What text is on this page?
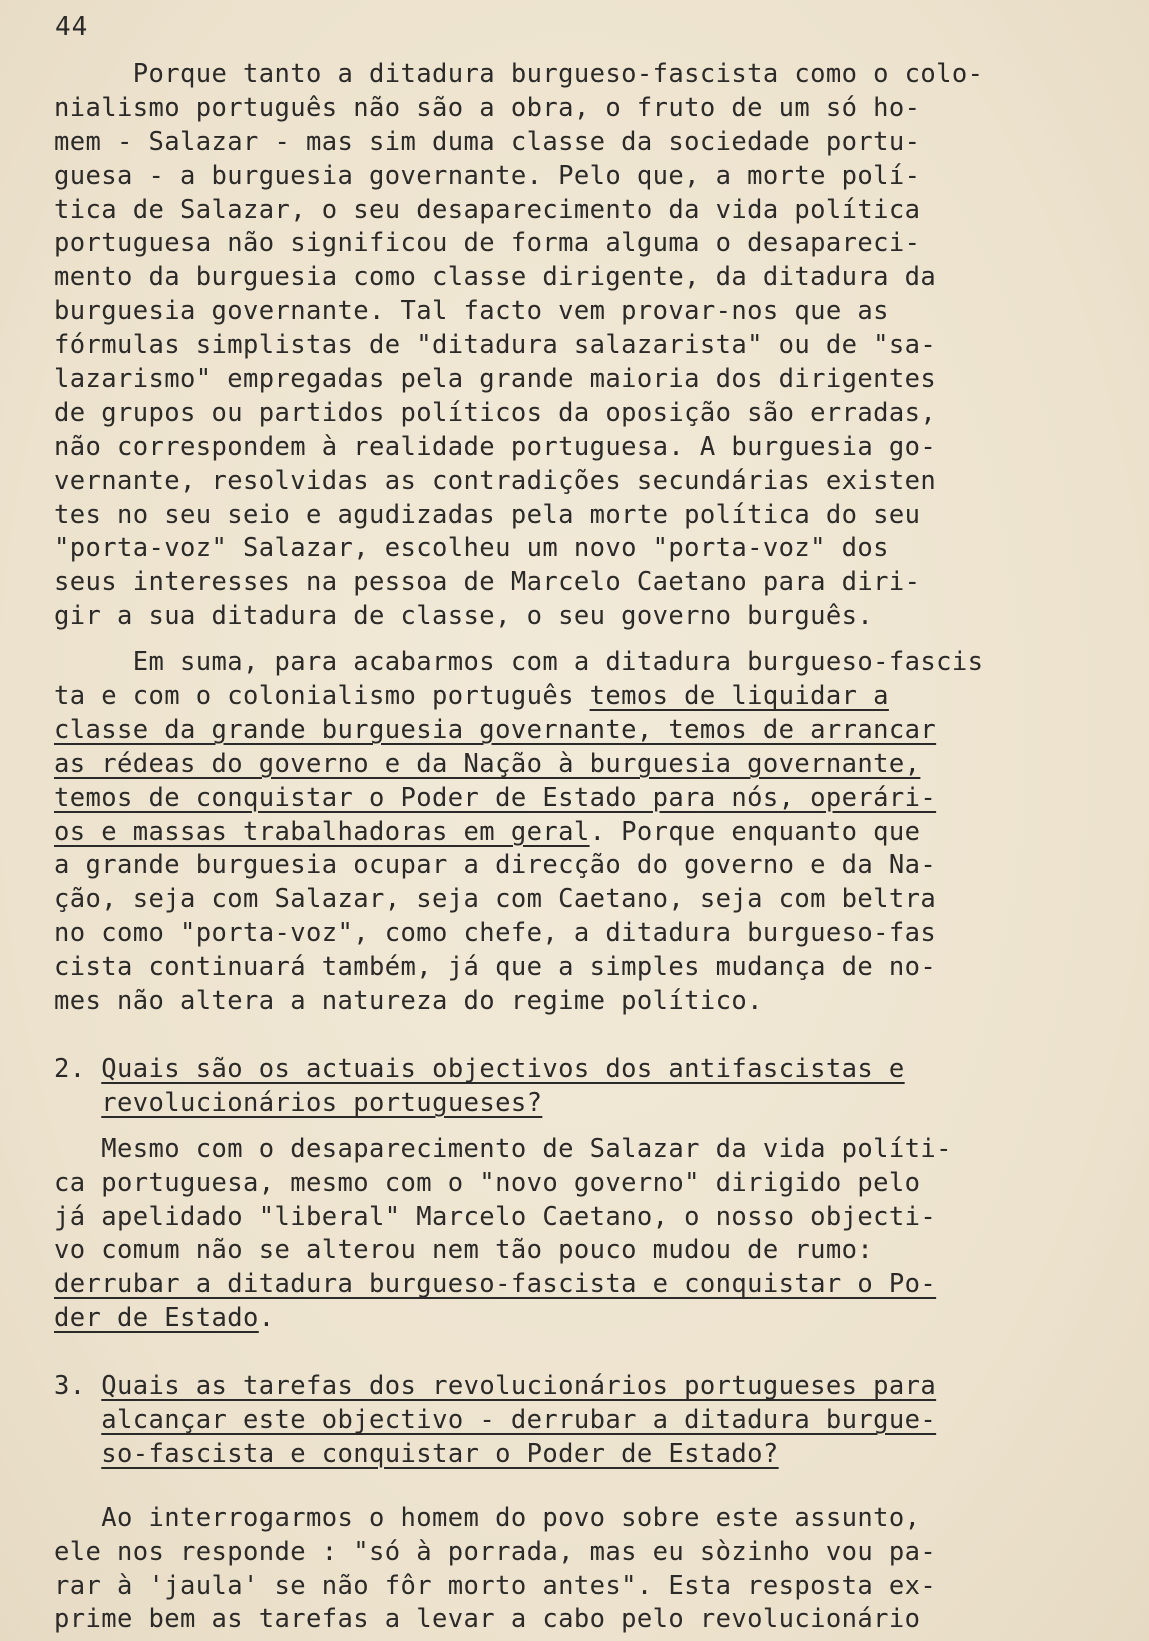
44
Porque tanto a ditadura burgueso-fascista como o colo-
nialismo português não são a obra, o fruto de um só ho-
mem - Salazar - mas sim duma classe da sociedade portu-
guesa - a burguesia governante. Pelo que, a morte polí-
tica de Salazar, o seu desaparecimento da vida política
portuguesa não significou de forma alguma o desapareci-
mento da burguesia como classe dirigente, da ditadura da
burguesia governante. Tal facto vem provar-nos que as
fórmulas simplistas de "ditadura salazarista" ou de "sa-
lazarismo" empregadas pela grande maioria dos dirigentes
de grupos ou partidos políticos da oposição são erradas,
não correspondem à realidade portuguesa. A burguesia go-
vernante, resolvidas as contradições secundárias existen
tes no seu seio e agudizadas pela morte política do seu
"porta-voz" Salazar, escolheu um novo "porta-voz" dos
seus interesses na pessoa de Marcelo Caetano para diri-
gir a sua ditadura de classe, o seu governo burguês.
Em suma, para acabarmos com a ditadura burgueso-fascis
ta e com o colonialismo português temos de liquidar a
classe da grande burguesia governante, temos de arrancar
as rédeas do governo e da Nação à burguesia governante,
temos de conquistar o Poder de Estado para nós, operári-
os e massas trabalhadoras em geral. Porque enquanto que
a grande burguesia ocupar a direcção do governo e da Na-
ção, seja com Salazar, seja com Caetano, seja com beltra
no como "porta-voz", como chefe, a ditadura burgueso-fas
cista continuará também, já que a simples mudança de no-
mes não altera a natureza do regime político.
2. Quais são os actuais objectivos dos antifascistas e
revolucionários portugueses?
Mesmo com o desaparecimento de Salazar da vida políti-
ca portuguesa, mesmo com o "novo governo" dirigido pelo
já apelidado "liberal" Marcelo Caetano, o nosso objecti-
vo comum não se alterou nem tão pouco mudou de rumo:
derrubar a ditadura burgueso-fascista e conquistar o Po-
der de Estado.
3. Quais as tarefas dos revolucionários portugueses para
alcançar este objectivo - derrubar a ditadura burgue-
so-fascista e conquistar o Poder de Estado?
Ao interrogarmos o homem do povo sobre este assunto,
ele nos responde : "só à porrada, mas eu sòzinho vou pa-
rar à 'jaula' se não fôr morto antes". Esta resposta ex-
prime bem as tarefas a levar a cabo pelo revolucionário
